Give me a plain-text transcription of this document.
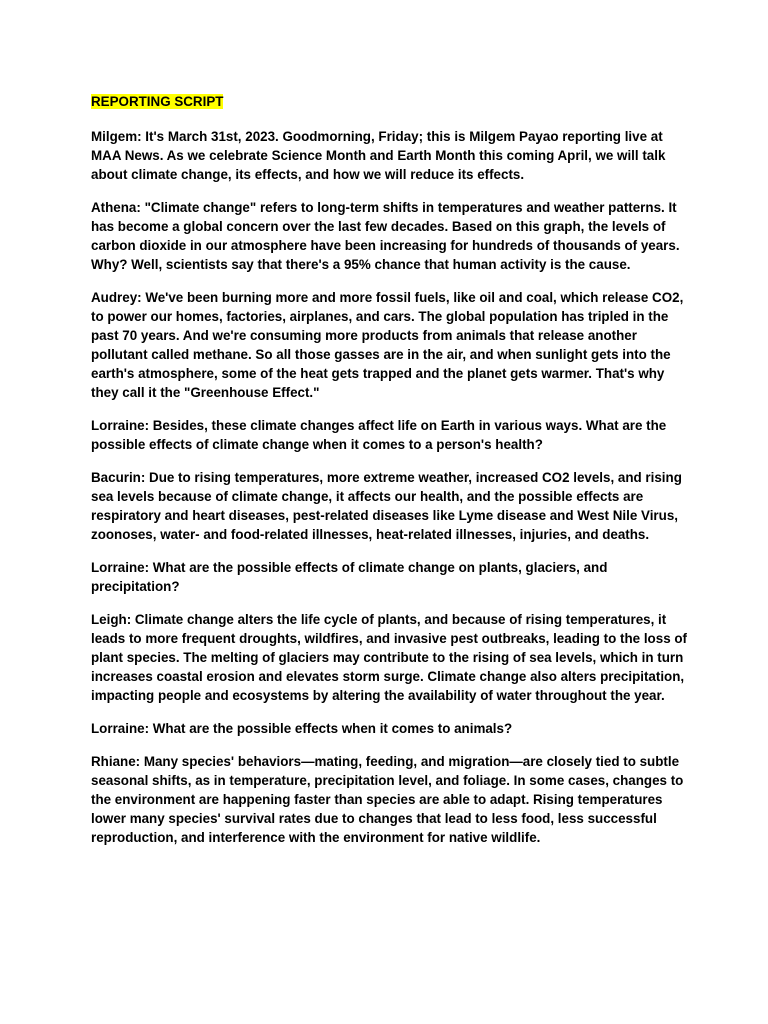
REPORTING SCRIPT

Milgem: It's March 31st, 2023. Goodmorning, Friday; this is Milgem Payao reporting live at MAA News. As we celebrate Science Month and Earth Month this coming April, we will talk about climate change, its effects, and how we will reduce its effects.

Athena: "Climate change" refers to long-term shifts in temperatures and weather patterns. It has become a global concern over the last few decades. Based on this graph, the levels of carbon dioxide in our atmosphere have been increasing for hundreds of thousands of years. Why? Well, scientists say that there's a 95% chance that human activity is the cause.

Audrey: We've been burning more and more fossil fuels, like oil and coal, which release CO2, to power our homes, factories, airplanes, and cars. The global population has tripled in the past 70 years. And we're consuming more products from animals that release another pollutant called methane. So all those gasses are in the air, and when sunlight gets into the earth's atmosphere, some of the heat gets trapped and the planet gets warmer. That's why they call it the "Greenhouse Effect."

Lorraine: Besides, these climate changes affect life on Earth in various ways. What are the possible effects of climate change when it comes to a person's health?

Bacurin: Due to rising temperatures, more extreme weather, increased CO2 levels, and rising sea levels because of climate change, it affects our health, and the possible effects are respiratory and heart diseases, pest-related diseases like Lyme disease and West Nile Virus, zoonoses, water- and food-related illnesses, heat-related illnesses, injuries, and deaths.

Lorraine: What are the possible effects of climate change on plants, glaciers, and precipitation?

Leigh: Climate change alters the life cycle of plants, and because of rising temperatures, it leads to more frequent droughts, wildfires, and invasive pest outbreaks, leading to the loss of plant species. The melting of glaciers may contribute to the rising of sea levels, which in turn increases coastal erosion and elevates storm surge. Climate change also alters precipitation, impacting people and ecosystems by altering the availability of water throughout the year.

Lorraine: What are the possible effects when it comes to animals?

Rhiane: Many species' behaviors—mating, feeding, and migration—are closely tied to subtle seasonal shifts, as in temperature, precipitation level, and foliage. In some cases, changes to the environment are happening faster than species are able to adapt. Rising temperatures lower many species' survival rates due to changes that lead to less food, less successful reproduction, and interference with the environment for native wildlife.
